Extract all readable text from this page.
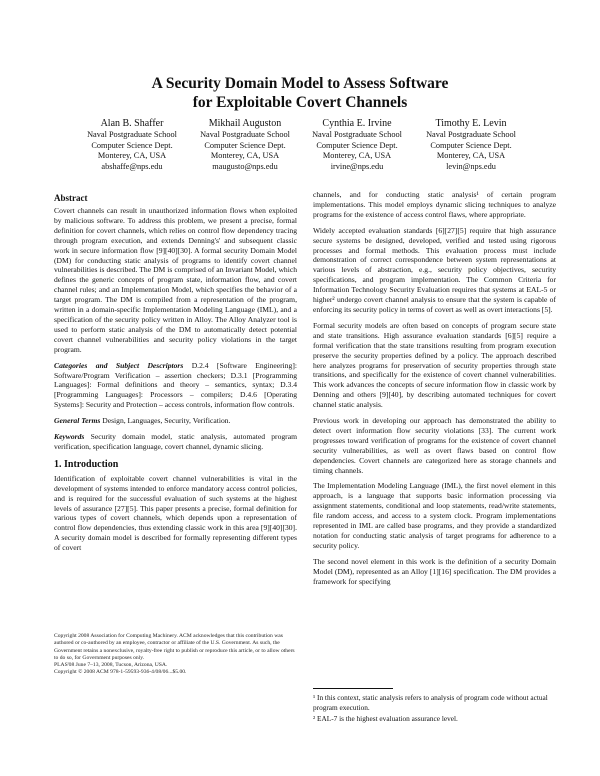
A Security Domain Model to Assess Software
for Exploitable Covert Channels
Alan B. Shaffer
Naval Postgraduate School
Computer Science Dept.
Monterey, CA, USA
abshaffe@nps.edu
Mikhail Auguston
Naval Postgraduate School
Computer Science Dept.
Monterey, CA, USA
maugusto@nps.edu
Cynthia E. Irvine
Naval Postgraduate School
Computer Science Dept.
Monterey, CA, USA
irvine@nps.edu
Timothy E. Levin
Naval Postgraduate School
Computer Science Dept.
Monterey, CA, USA
levin@nps.edu
Abstract

Covert channels can result in unauthorized information flows when exploited by malicious software. To address this problem, we present a precise, formal definition for covert channels, which relies on control flow dependency tracing through program execution, and extends Denning's' and subsequent classic work in secure information flow [9][40][30]. A formal security Domain Model (DM) for conducting static analysis of programs to identify covert channel vulnerabilities is described. The DM is comprised of an Invariant Model, which defines the generic concepts of program state, information flow, and covert channel rules; and an Implementation Model, which specifies the behavior of a target program. The DM is compiled from a representation of the program, written in a domain-specific Implementation Modeling Language (IML), and a specification of the security policy written in Alloy. The Alloy Analyzer tool is used to perform static analysis of the DM to automatically detect potential covert channel vulnerabilities and security policy violations in the target program.

Categories and Subject Descriptors D.2.4 [Software Engineering]: Software/Program Verification – assertion checkers; D.3.1 [Programming Languages]: Formal definitions and theory – semantics, syntax; D.3.4 [Programming Languages]: Processors – compilers; D.4.6 [Operating Systems]: Security and Protection – access controls, information flow controls.

General Terms Design, Languages, Security, Verification.

Keywords Security domain model, static analysis, automated program verification, specification language, covert channel, dynamic slicing.

1. Introduction

Identification of exploitable covert channel vulnerabilities is vital in the development of systems intended to enforce mandatory access control policies, and is required for the successful evaluation of such systems at the highest levels of assurance [27][5]. This paper presents a precise, formal definition for various types of covert channels, which depends upon a representation of control flow dependencies, thus extending classic work in this area [9][40][30]. A security domain model is described for formally representing different types of covert

Copyright 2008 Association for Computing Machinery. ACM acknowledges that this contribution was authored or co-authored by an employee, contractor or affiliate of the U.S. Government. As such, the Government retains a nonexclusive, royalty-free right to publish or reproduce this article, or to allow others to do so, for Government purposes only.
PLAS'08 June 7–13, 2008, Tucson, Arizona, USA.
Copyright © 2008 ACM 978-1-59593-936-4/08/06...$5.00.

channels, and for conducting static analysis¹ of certain program implementations. This model employs dynamic slicing techniques to analyze programs for the existence of access control flaws, where appropriate.

Widely accepted evaluation standards [6][27][5] require that high assurance secure systems be designed, developed, verified and tested using rigorous processes and formal methods. This evaluation process must include demonstration of correct correspondence between system representations at various levels of abstraction, e.g., security policy objectives, security specifications, and program implementation. The Common Criteria for Information Technology Security Evaluation requires that systems at EAL-5 or higher² undergo covert channel analysis to ensure that the system is capable of enforcing its security policy in terms of covert as well as overt interactions [5].

Formal security models are often based on concepts of program secure state and state transitions. High assurance evaluation standards [6][5] require a formal verification that the state transitions resulting from program execution preserve the security properties defined by a policy. The approach described here analyzes programs for preservation of security properties through state transitions, and specifically for the existence of covert channel vulnerabilities. This work advances the concepts of secure information flow in classic work by Denning and others [9][40], by describing automated techniques for covert channel static analysis.

Previous work in developing our approach has demonstrated the ability to detect overt information flow security violations [33]. The current work progresses toward verification of programs for the existence of covert channel security vulnerabilities, as well as overt flaws based on control flow dependencies. Covert channels are categorized here as storage channels and timing channels.

The Implementation Modeling Language (IML), the first novel element in this approach, is a language that supports basic information processing via assignment statements, conditional and loop statements, read/write statements, file random access, and access to a system clock. Program implementations represented in IML are called base programs, and they provide a standardized notation for conducting static analysis of target programs for adherence to a security policy.

The second novel element in this work is the definition of a security Domain Model (DM), represented as an Alloy [1][16] specification. The DM provides a framework for specifying

¹ In this context, static analysis refers to analysis of program code without actual program execution.

² EAL-7 is the highest evaluation assurance level.
